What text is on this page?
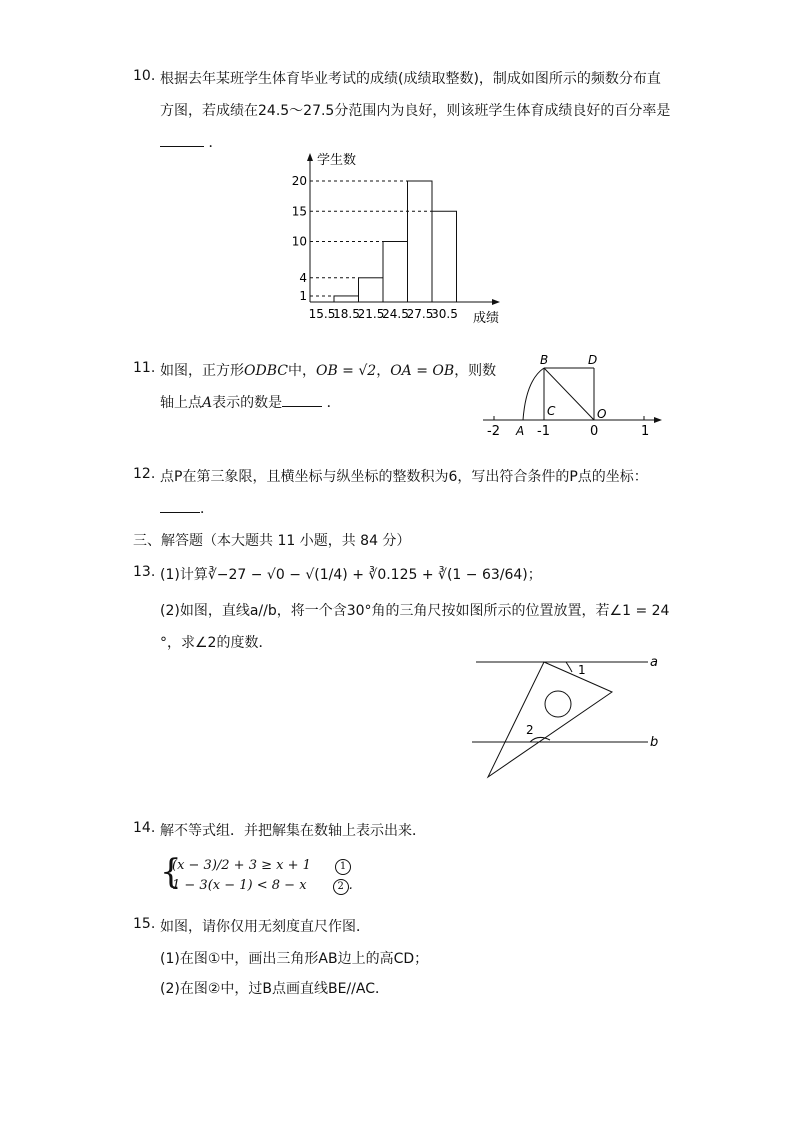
10. 根据去年某班学生体育毕业考试的成绩(成绩取整数)，制成如图所示的频数分布直
方图，若成绩在24.5～27.5分范围内为良好，则该班学生体育成绩良好的百分率是
．
学生数
成绩
1
4
10
15
20
15.5
18.5
21.5
24.5
27.5
30.5
11. 如图，正方形ODBC中，OB = √2，OA = OB，则数
轴上点A表示的数是	．
B	D
C	O
A
-2	-1	0	1
12. 点P在第三象限，且横坐标与纵坐标的整数积为6，写出符合条件的P点的坐标：
．
三、解答题（本大题共 11 小题，共 84 分）
13. (1)计算∛−27 − √0 − √(1/4) + ∛0.125 + ∛(1 − 63/64)；
(2)如图，直线a//b，将一个含30°角的三角尺按如图所示的位置放置，若∠1 = 24
°，求∠2的度数．
a
b
1
2
14. 解不等式组．并把解集在数轴上表示出来．
{
(x − 3)/2 + 3 ≥ x + 1	1
1 − 3(x − 1) < 8 − x	2 .
15. 如图，请你仅用无刻度直尺作图．
(1)在图①中，画出三角形AB边上的高CD；
(2)在图②中，过B点画直线BE//AC．
